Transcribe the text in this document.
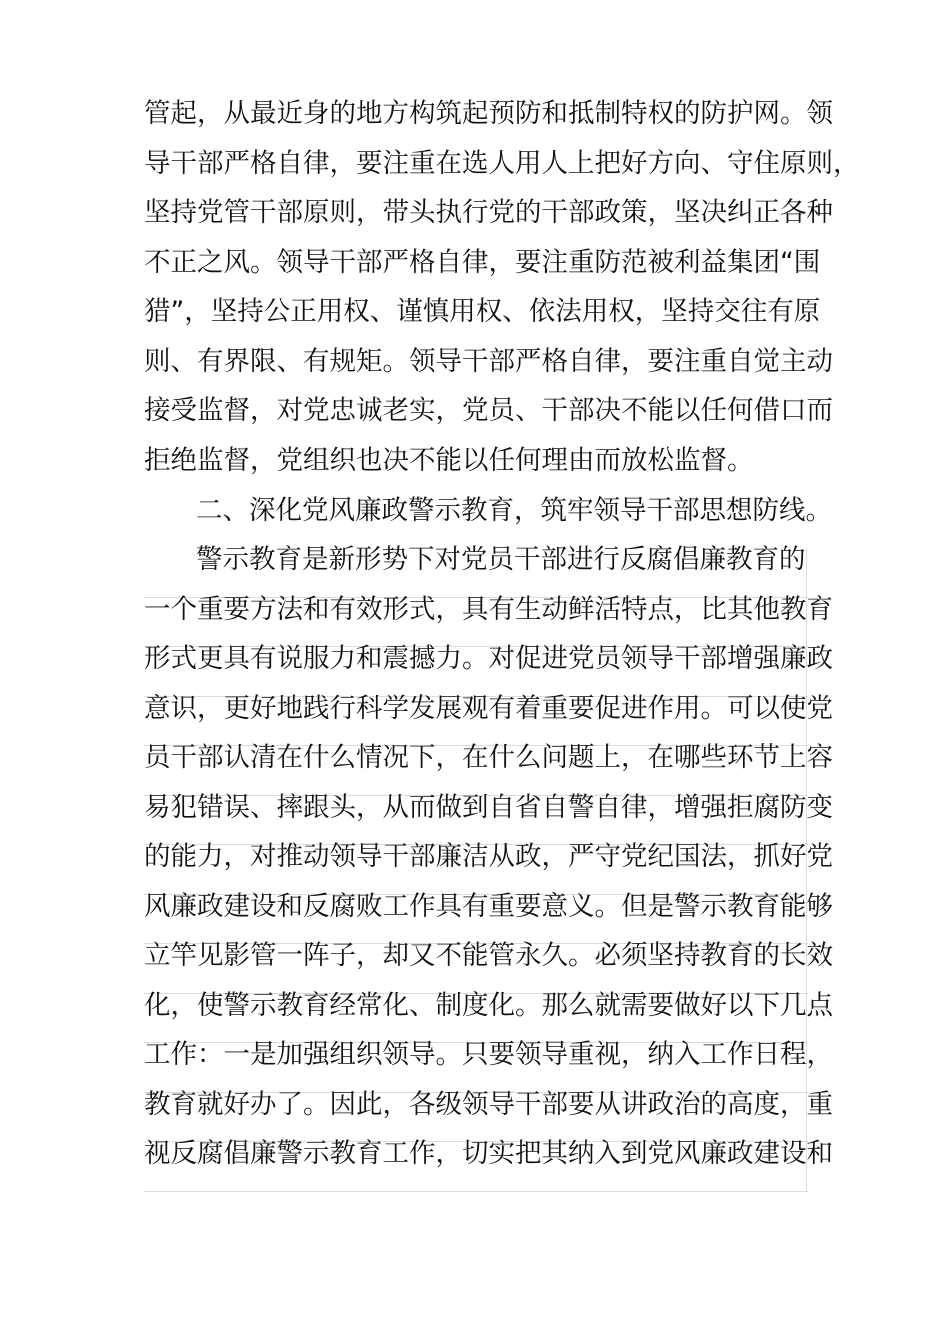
管起，从最近身的地方构筑起预防和抵制特权的防护网。领
导干部严格自律，要注重在选人用人上把好方向、守住原则，
坚持党管干部原则，带头执行党的干部政策，坚决纠正各种
不正之风。领导干部严格自律，要注重防范被利益集团“围
猎”，坚持公正用权、谨慎用权、依法用权，坚持交往有原
则、有界限、有规矩。领导干部严格自律，要注重自觉主动
接受监督，对党忠诚老实，党员、干部决不能以任何借口而
拒绝监督，党组织也决不能以任何理由而放松监督。
二、深化党风廉政警示教育，筑牢领导干部思想防线。
警示教育是新形势下对党员干部进行反腐倡廉教育的
一个重要方法和有效形式，具有生动鲜活特点，比其他教育
形式更具有说服力和震撼力。对促进党员领导干部增强廉政
意识，更好地践行科学发展观有着重要促进作用。可以使党
员干部认清在什么情况下，在什么问题上，在哪些环节上容
易犯错误、摔跟头，从而做到自省自警自律，增强拒腐防变
的能力，对推动领导干部廉洁从政，严守党纪国法，抓好党
风廉政建设和反腐败工作具有重要意义。但是警示教育能够
立竿见影管一阵子，却又不能管永久。必须坚持教育的长效
化，使警示教育经常化、制度化。那么就需要做好以下几点
工作：一是加强组织领导。只要领导重视，纳入工作日程，
教育就好办了。因此，各级领导干部要从讲政治的高度，重
视反腐倡廉警示教育工作，切实把其纳入到党风廉政建设和
